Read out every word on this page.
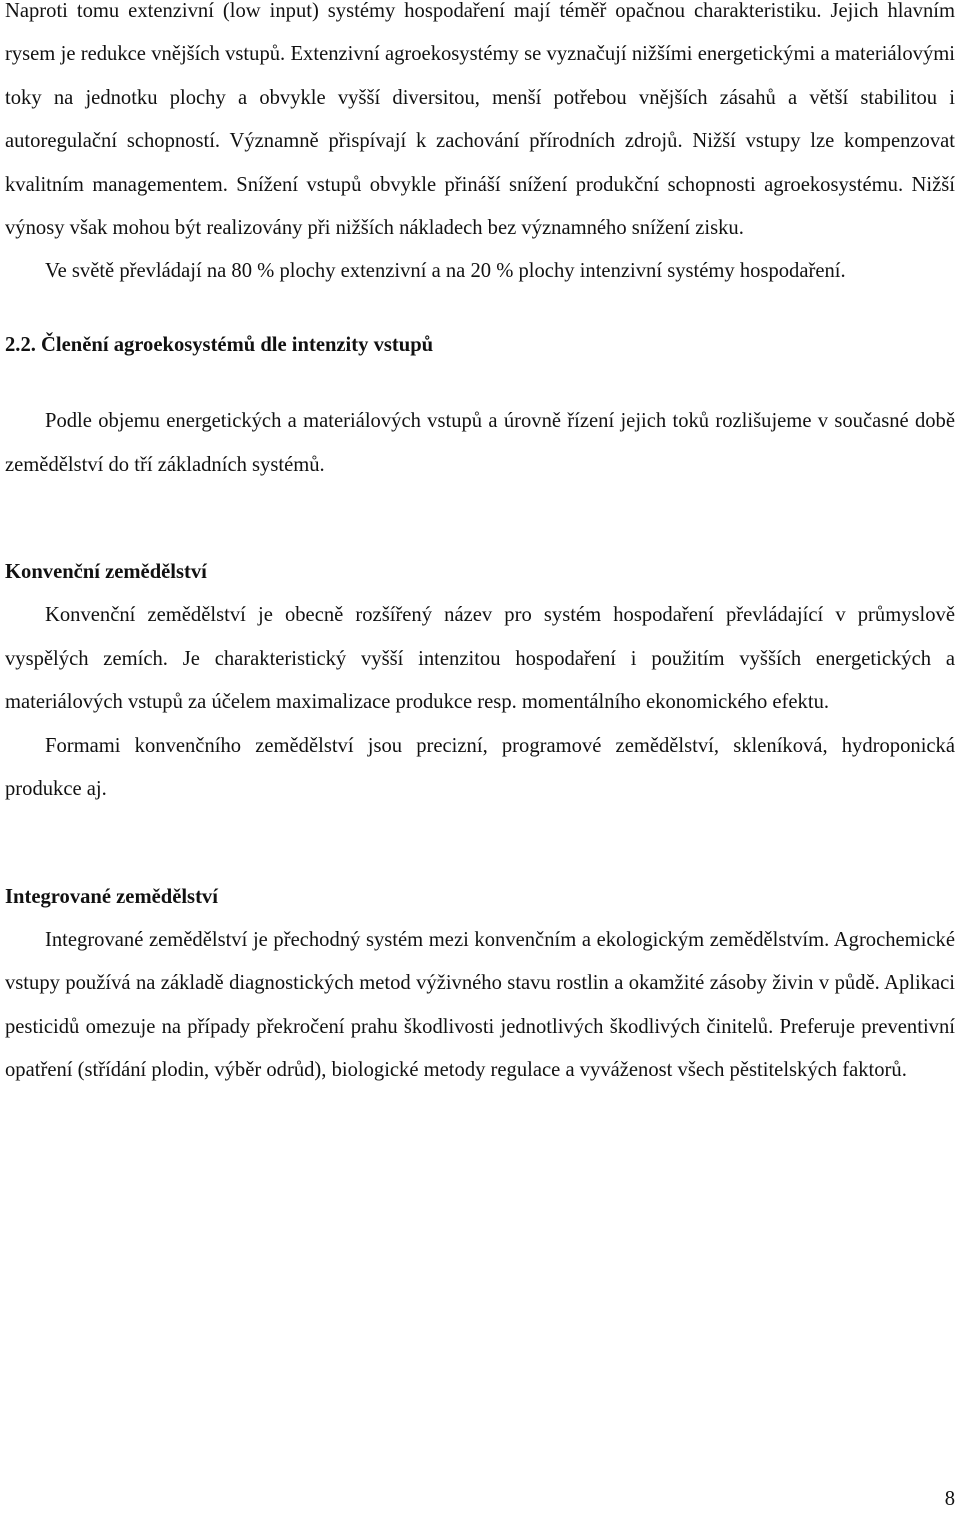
Naproti tomu extenzivní (low input) systémy hospodaření mají téměř opačnou charakteristiku. Jejich hlavním rysem je redukce vnějších vstupů. Extenzivní agroekosystémy se vyznačují nižšími energetickými a materiálovými toky na jednotku plochy a obvykle vyšší diversitou, menší potřebou vnějších zásahů a větší stabilitou i autoregulační schopností. Významně přispívají k zachování přírodních zdrojů. Nižší vstupy lze kompenzovat kvalitním managementem. Snížení vstupů obvykle přináší snížení produkční schopnosti agroekosystému. Nižší výnosy však mohou být realizovány při nižších nákladech bez významného snížení zisku.

Ve světě převládají na 80 % plochy extenzivní a na 20 % plochy intenzivní systémy hospodaření.

2.2. Členění agroekosystémů dle intenzity vstupů

Podle objemu energetických a materiálových vstupů a úrovně řízení jejich toků rozlišujeme v současné době zemědělství do tří základních systémů.

Konvenční zemědělství

Konvenční zemědělství je obecně rozšířený název pro systém hospodaření převládající v průmyslově vyspělých zemích. Je charakteristický vyšší intenzitou hospodaření i použitím vyšších energetických a materiálových vstupů za účelem maximalizace produkce resp. momentálního ekonomického efektu.

Formami konvenčního zemědělství jsou precizní, programové zemědělství, skleníková, hydroponická produkce aj.

Integrované zemědělství

Integrované zemědělství je přechodný systém mezi konvenčním a ekologickým zemědělstvím. Agrochemické vstupy používá na základě diagnostických metod výživného stavu rostlin a okamžité zásoby živin v půdě. Aplikaci pesticidů omezuje na případy překročení prahu škodlivosti jednotlivých škodlivých činitelů. Preferuje preventivní opatření (střídání plodin, výběr odrůd), biologické metody regulace a vyváženost všech pěstitelských faktorů.

8
